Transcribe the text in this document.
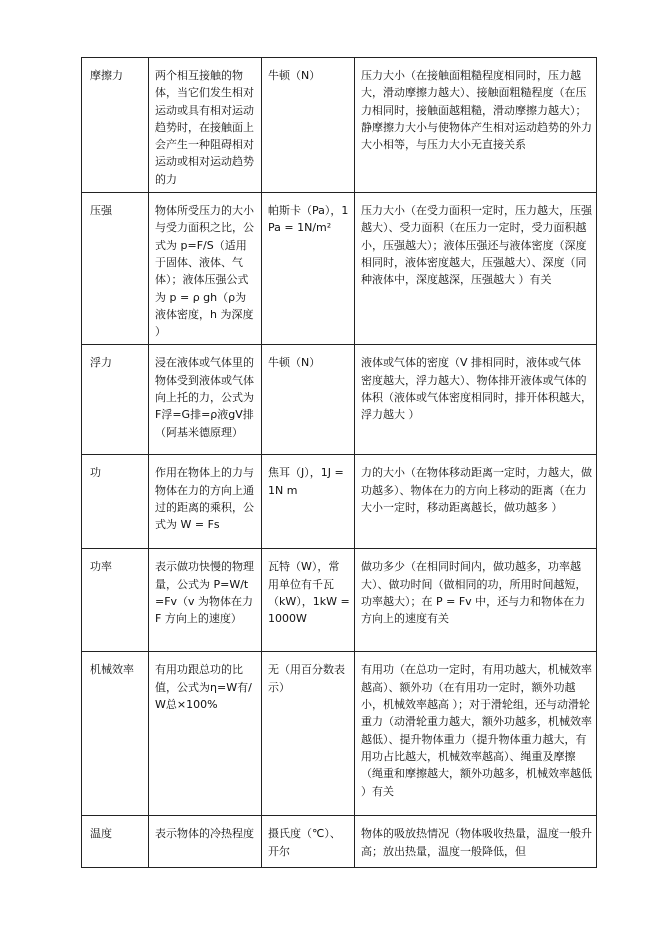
摩擦力	两个相互接触的物体，当它们发生相对运动或具有相对运动趋势时，在接触面上会产生一种阻碍相对运动或相对运动趋势的力	牛顿（N）	压力大小（在接触面粗糙程度相同时，压力越大，滑动摩擦力越大）、接触面粗糙程度（在压力相同时，接触面越粗糙，滑动摩擦力越大）；静摩擦力大小与使物体产生相对运动趋势的外力大小相等，与压力大小无直接关系
压强	物体所受压力的大小与受力面积之比，公式为 p=F/S（适用于固体、液体、气体）；液体压强公式为 p = ρ gh（ρ为液体密度，h 为深度 ）	帕斯卡（Pa），1Pa = 1N/m²	压力大小（在受力面积一定时，压力越大，压强越大）、受力面积（在压力一定时，受力面积越小，压强越大）；液体压强还与液体密度（深度相同时，液体密度越大，压强越大）、深度（同种液体中，深度越深，压强越大 ）有关
浮力	浸在液体或气体里的物体受到液体或气体向上托的力，公式为 F浮=G排=ρ液gV排（阿基米德原理）	牛顿（N）	液体或气体的密度（V 排相同时，液体或气体密度越大，浮力越大）、物体排开液体或气体的体积（液体或气体密度相同时，排开体积越大，浮力越大 ）
功	作用在物体上的力与物体在力的方向上通过的距离的乘积，公式为 W = Fs	焦耳（J），1J = 1N m	力的大小（在物体移动距离一定时，力越大，做功越多）、物体在力的方向上移动的距离（在力大小一定时，移动距离越长，做功越多 ）
功率	表示做功快慢的物理量，公式为 P=W/t=Fv（v 为物体在力 F 方向上的速度）	瓦特（W），常用单位有千瓦（kW），1kW = 1000W	做功多少（在相同时间内，做功越多，功率越大）、做功时间（做相同的功，所用时间越短，功率越大）；在 P = Fv 中，还与力和物体在力方向上的速度有关
机械效率	有用功跟总功的比值，公式为η=W有/W总×100%	无（用百分数表示）	有用功（在总功一定时，有用功越大，机械效率越高）、额外功（在有用功一定时，额外功越小，机械效率越高 ）；对于滑轮组，还与动滑轮重力（动滑轮重力越大，额外功越多，机械效率越低）、提升物体重力（提升物体重力越大，有用功占比越大，机械效率越高）、绳重及摩擦（绳重和摩擦越大，额外功越多，机械效率越低 ）有关
温度	表示物体的冷热程度	摄氏度（℃）、开尔	物体的吸放热情况（物体吸收热量，温度一般升高；放出热量，温度一般降低，但
